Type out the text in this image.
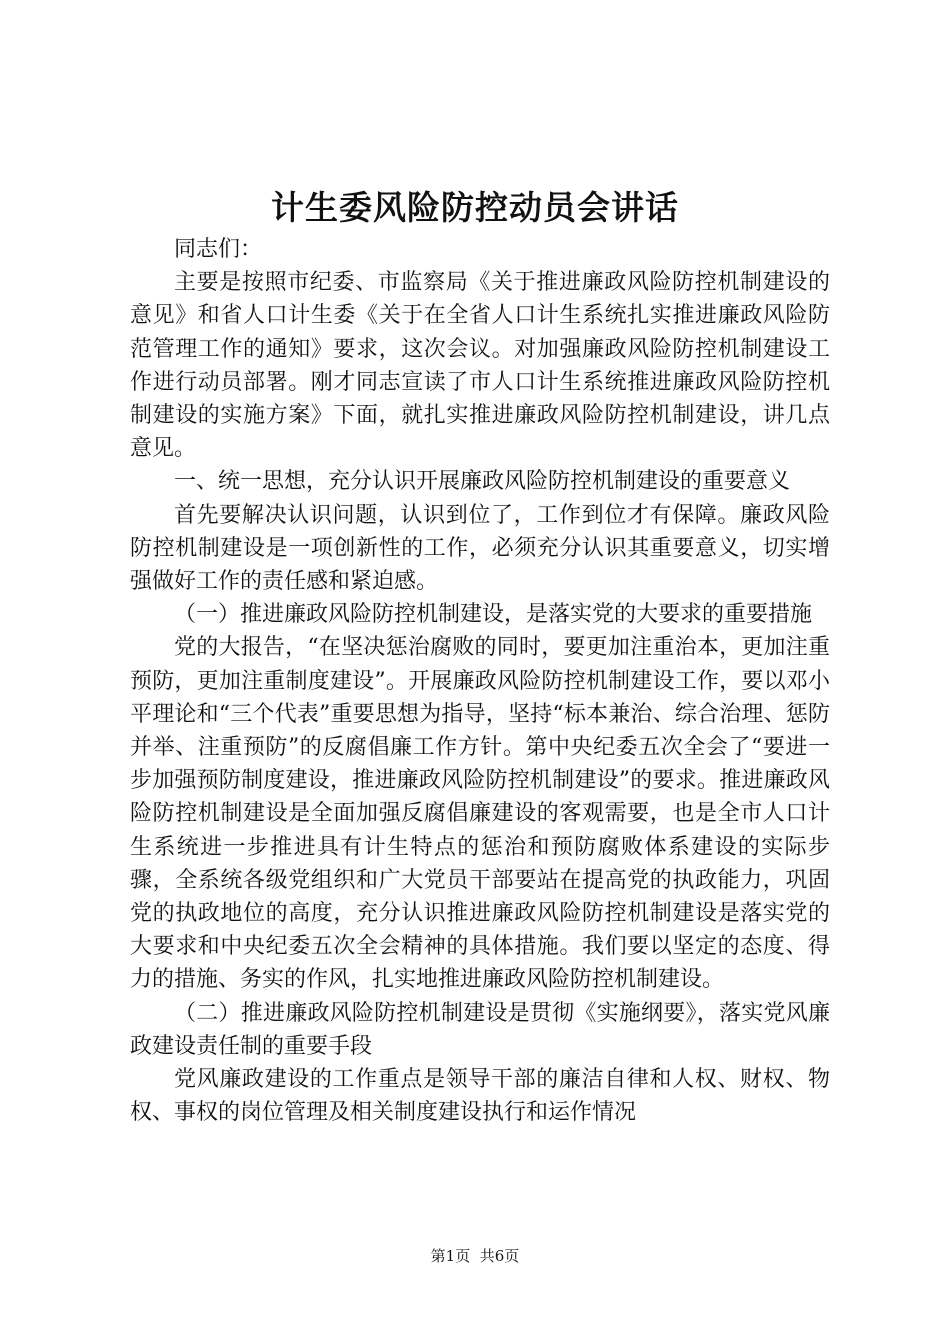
计生委风险防控动员会讲话

同志们：

主要是按照市纪委、市监察局《关于推进廉政风险防控机制建设的意见》和省人口计生委《关于在全省人口计生系统扎实推进廉政风险防范管理工作的通知》要求，这次会议。对加强廉政风险防控机制建设工作进行动员部署。刚才同志宣读了市人口计生系统推进廉政风险防控机制建设的实施方案》下面，就扎实推进廉政风险防控机制建设，讲几点意见。

一、统一思想，充分认识开展廉政风险防控机制建设的重要意义

首先要解决认识问题，认识到位了，工作到位才有保障。廉政风险防控机制建设是一项创新性的工作，必须充分认识其重要意义，切实增强做好工作的责任感和紧迫感。

（一）推进廉政风险防控机制建设，是落实党的大要求的重要措施

党的大报告，“在坚决惩治腐败的同时，要更加注重治本，更加注重预防，更加注重制度建设”。开展廉政风险防控机制建设工作，要以邓小平理论和“三个代表”重要思想为指导，坚持“标本兼治、综合治理、惩防并举、注重预防”的反腐倡廉工作方针。第中央纪委五次全会了“要进一步加强预防制度建设，推进廉政风险防控机制建设”的要求。推进廉政风险防控机制建设是全面加强反腐倡廉建设的客观需要，也是全市人口计生系统进一步推进具有计生特点的惩治和预防腐败体系建设的实际步骤，全系统各级党组织和广大党员干部要站在提高党的执政能力，巩固党的执政地位的高度，充分认识推进廉政风险防控机制建设是落实党的大要求和中央纪委五次全会精神的具体措施。我们要以坚定的态度、得力的措施、务实的作风，扎实地推进廉政风险防控机制建设。

（二）推进廉政风险防控机制建设是贯彻《实施纲要》，落实党风廉政建设责任制的重要手段

党风廉政建设的工作重点是领导干部的廉洁自律和人权、财权、物权、事权的岗位管理及相关制度建设执行和运作情况

第1页 共6页
